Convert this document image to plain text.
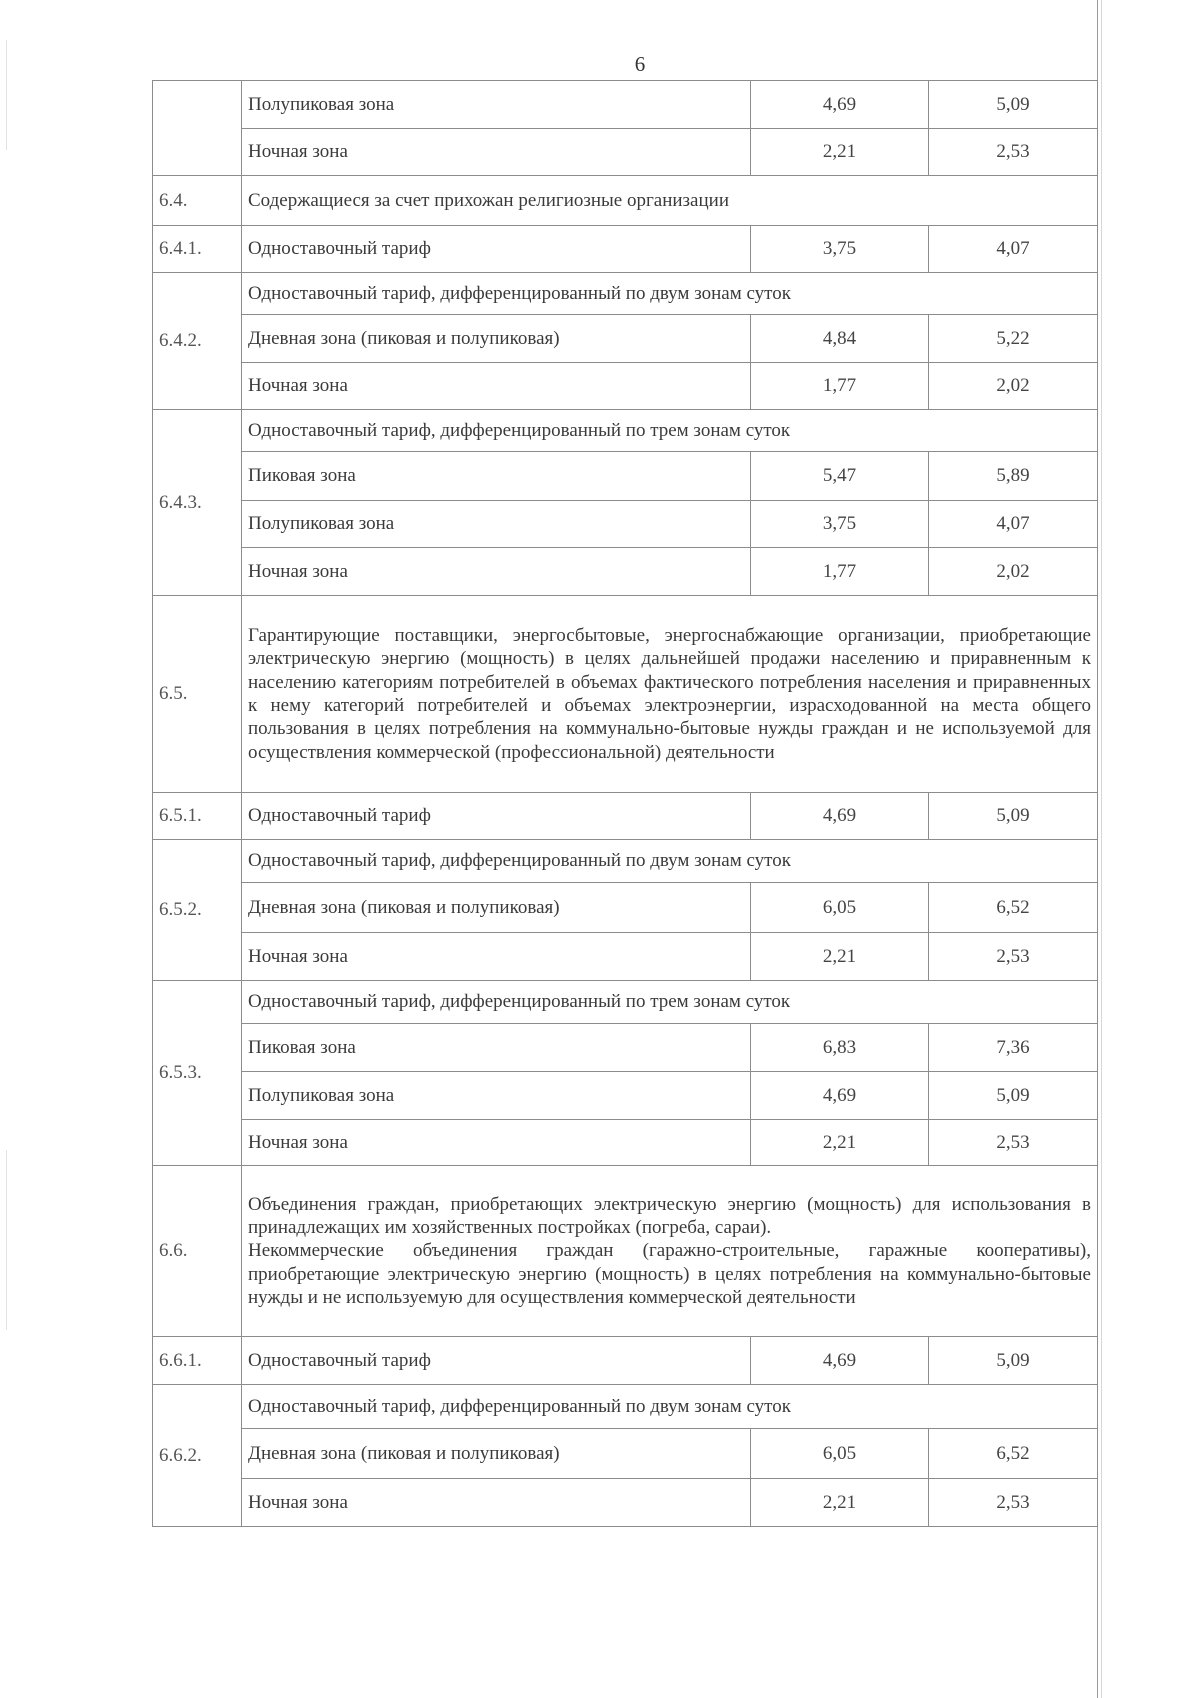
6
	Полупиковая зона	4,69	5,09
	Ночная зона	2,21	2,53
6.4.	Содержащиеся за счет прихожан религиозные организации		
6.4.1.	Одноставочный тариф	3,75	4,07
6.4.2.	Одноставочный тариф, дифференцированный по двум зонам суток		
	Дневная зона (пиковая и полупиковая)	4,84	5,22
	Ночная зона	1,77	2,02
6.4.3.	Одноставочный тариф, дифференцированный по трем зонам суток		
	Пиковая зона	5,47	5,89
	Полупиковая зона	3,75	4,07
	Ночная зона	1,77	2,02
6.5.	Гарантирующие поставщики, энергосбытовые, энергоснабжающие организации, приобретающие электрическую энергию (мощность) в целях дальнейшей продажи населению и приравненным к населению категориям потребителей в объемах фактического потребления населения и приравненных к нему категорий потребителей и объемах электроэнергии, израсходованной на места общего пользования в целях потребления на коммунально-бытовые нужды граждан и не используемой для осуществления коммерческой (профессиональной) деятельности		
6.5.1.	Одноставочный тариф	4,69	5,09
6.5.2.	Одноставочный тариф, дифференцированный по двум зонам суток		
	Дневная зона (пиковая и полупиковая)	6,05	6,52
	Ночная зона	2,21	2,53
6.5.3.	Одноставочный тариф, дифференцированный по трем зонам суток		
	Пиковая зона	6,83	7,36
	Полупиковая зона	4,69	5,09
	Ночная зона	2,21	2,53
6.6.	Объединения граждан, приобретающих электрическую энергию (мощность) для использования в принадлежащих им хозяйственных постройках (погреба, сараи).
Некоммерческие объединения граждан (гаражно-строительные, гаражные кооперативы), приобретающие электрическую энергию (мощность) в целях потребления на коммунально-бытовые нужды и не используемую для осуществления коммерческой деятельности		

6.6.1.	Одноставочный тариф	4,69	5,09
6.6.2.	Одноставочный тариф, дифференцированный по двум зонам суток		
	Дневная зона (пиковая и полупиковая)	6,05	6,52
	Ночная зона	2,21	2,53
